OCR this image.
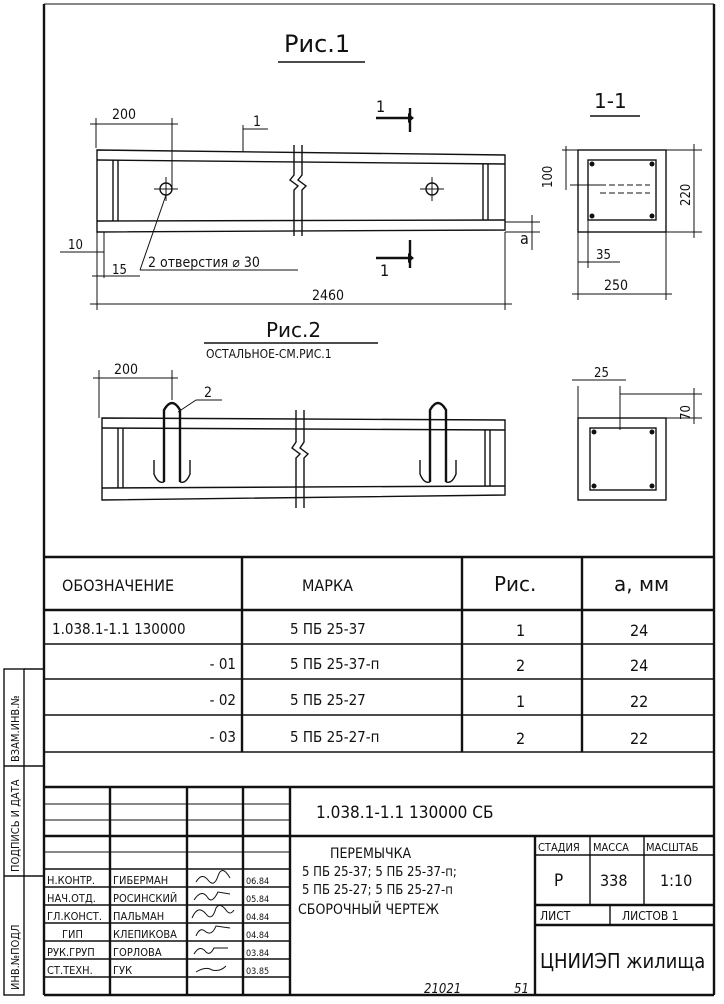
Рис.1
200	1
1
2 отверстия ⌀ 30
10
15
a
1
2460
1-1
100
220
35
250
Рис.2
ОСТАЛЬНОЕ-СМ.РИС.1
200
2
25
70
ОБОЗНАЧЕНИЕ	МАРКА	Рис.	а, мм
1.038.1-1.1 130000	5 ПБ 25-37	1	24
- 01	5 ПБ 25-37-п	2	24
- 02	5 ПБ 25-27	1	22
- 03	5 ПБ 25-27-п	2	22
ВЗАМ.ИНВ.№
ПОДПИСЬ И ДАТА
ИНВ.№ПОДЛ
1.038.1-1.1 130000 СБ
ПЕРЕМЫЧКА
5 ПБ 25-37; 5 ПБ 25-37-п;
5 ПБ 25-27; 5 ПБ 25-27-п
СБОРОЧНЫЙ ЧЕРТЕЖ
СТАДИЯ МАССА МАСШТАБ
Р 338 1:10
ЛИСТ	ЛИСТОВ 1
ЦНИИЭП жилища
Н.КОНТР. ГИБЕРМАН	06.84
НАЧ.ОТД. РОСИНСКИЙ	05.84
ГЛ.КОНСТ. ПАЛЬМАН	04.84
ГИП	КЛЕПИКОВА	04.84
РУК.ГРУП ГОРЛОВА	03.84
СТ.ТЕХН. ГУК	03.85
21021	51
